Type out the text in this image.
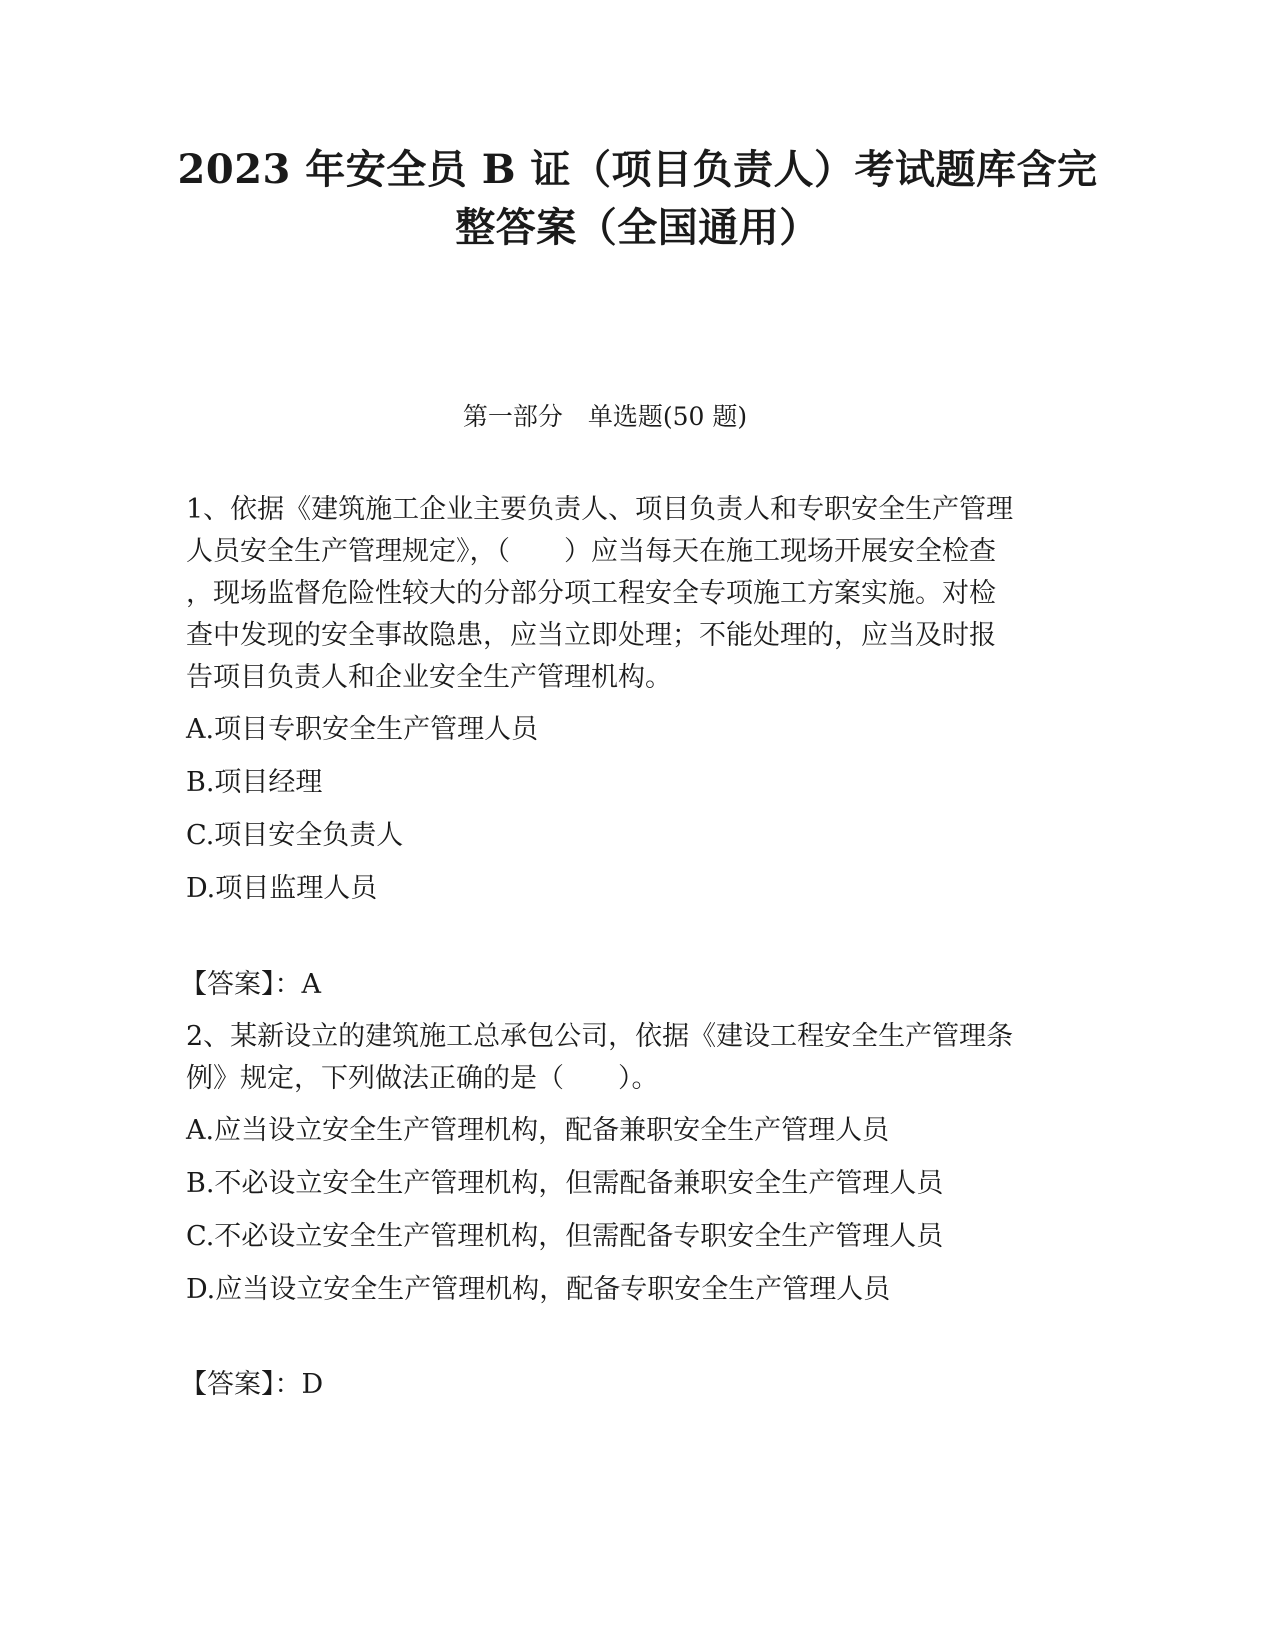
2023 年安全员 B 证（项目负责人）考试题库含完
整答案（全国通用）
第一部分　单选题(50 题)
1、依据《建筑施工企业主要负责人、项目负责人和专职安全生产管理
人员安全生产管理规定》，（　　）应当每天在施工现场开展安全检查
，现场监督危险性较大的分部分项工程安全专项施工方案实施。对检
查中发现的安全事故隐患，应当立即处理；不能处理的，应当及时报
告项目负责人和企业安全生产管理机构。
A.项目专职安全生产管理人员
B.项目经理
C.项目安全负责人
D.项目监理人员
【答案】：A
2、某新设立的建筑施工总承包公司，依据《建设工程安全生产管理条
例》规定，下列做法正确的是（　　）。
A.应当设立安全生产管理机构，配备兼职安全生产管理人员
B.不必设立安全生产管理机构，但需配备兼职安全生产管理人员
C.不必设立安全生产管理机构，但需配备专职安全生产管理人员
D.应当设立安全生产管理机构，配备专职安全生产管理人员
【答案】：D
